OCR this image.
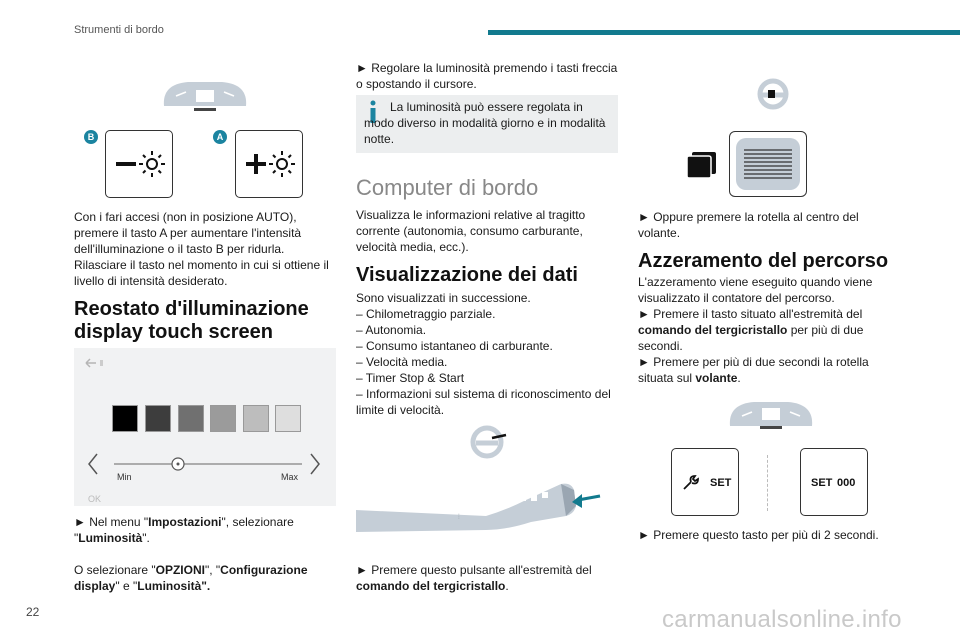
Strumenti di bordo
B	A

Con i fari accesi (non in posizione AUTO), premere il tasto A per aumentare l'intensità dell'illuminazione o il tasto B per ridurla. Rilasciare il tasto nel momento in cui si ottiene il livello di intensità desiderato.

Reostato d'illuminazione display touch screen
Min	Max
OK

► Nel menu "Impostazioni", selezionare "Luminosità".

O selezionare "OPZIONI", "Configurazione display" e "Luminosità".

► Regolare la luminosità premendo i tasti freccia o spostando il cursore.

La luminosità può essere regolata in modo diverso in modalità giorno e in modalità notte.

Computer di bordo

Visualizza le informazioni relative al tragitto corrente (autonomia, consumo carburante, velocità media, ecc.).

Visualizzazione dei dati

Sono visualizzati in successione.

– Chilometraggio parziale.

– Autonomia.

– Consumo istantaneo di carburante.

– Velocità media.

– Timer Stop & Start

– Informazioni sul sistema di riconoscimento del limite di velocità.

⋮

► Premere questo pulsante all'estremità del comando del tergicristallo.

► Oppure premere la rotella al centro del volante.

Azzeramento del percorso

L'azzeramento viene eseguito quando viene visualizzato il contatore del percorso.

► Premere il tasto situato all'estremità del comando del tergicristallo per più di due secondi.

► Premere per più di due secondi la rotella situata sul volante.

SET	SET 000

► Premere questo tasto per più di 2 secondi.

22	carmanualsonline.info
